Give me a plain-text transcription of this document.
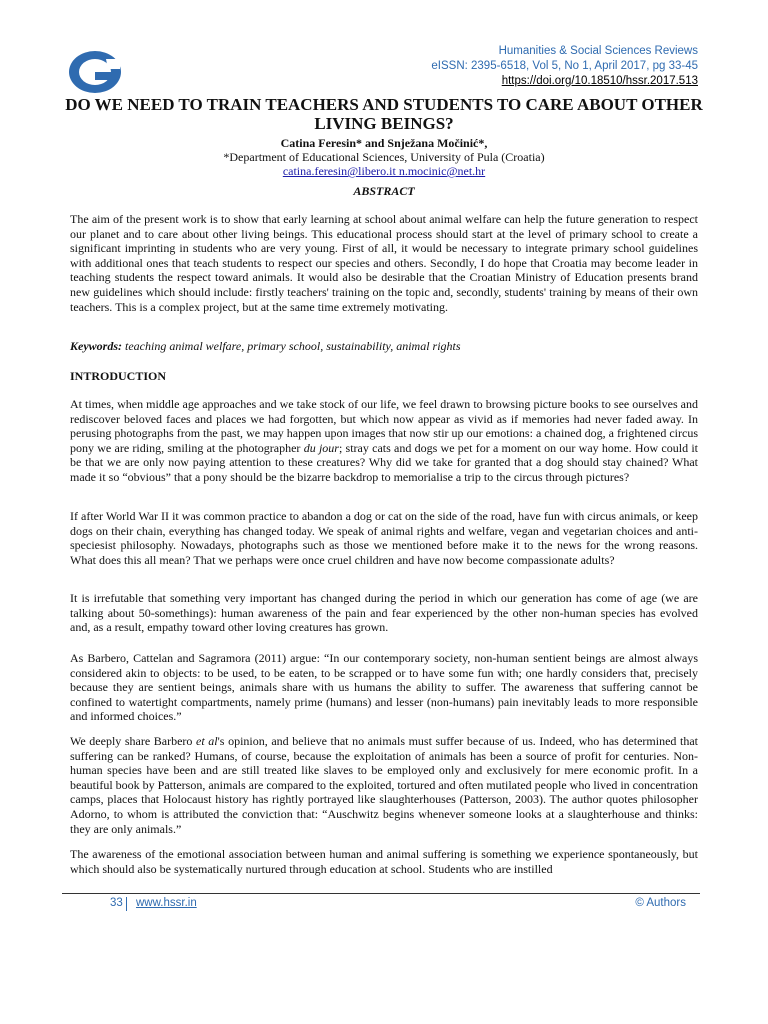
Humanities & Social Sciences Reviews
eISSN: 2395-6518, Vol 5, No 1, April 2017, pg 33-45
https://doi.org/10.18510/hssr.2017.513
DO WE NEED TO TRAIN TEACHERS AND STUDENTS TO CARE ABOUT OTHER LIVING BEINGS?
Catina Feresin* and Snježana Močinić*,
*Department of Educational Sciences, University of Pula (Croatia)
catina.feresin@libero.it n.mocinic@net.hr
ABSTRACT

The aim of the present work is to show that early learning at school about animal welfare can help the future generation to respect our planet and to care about other living beings. This educational process should start at the level of primary school to create a significant imprinting in students who are very young. First of all, it would be necessary to integrate primary school guidelines with additional ones that teach students to respect our species and others. Secondly, I do hope that Croatia may become leader in teaching students the respect toward animals. It would also be desirable that the Croatian Ministry of Education presents brand new guidelines which should include: firstly teachers' training on the topic and, secondly, students' training by means of their own teachers. This is a complex project, but at the same time extremely motivating.

Keywords: teaching animal welfare, primary school, sustainability, animal rights

INTRODUCTION

At times, when middle age approaches and we take stock of our life, we feel drawn to browsing picture books to see ourselves and rediscover beloved faces and places we had forgotten, but which now appear as vivid as if memories had never faded away. In perusing photographs from the past, we may happen upon images that now stir up our emotions: a chained dog, a frightened circus pony we are riding, smiling at the photographer du jour; stray cats and dogs we pet for a moment on our way home. How could it be that we are only now paying attention to these creatures? Why did we take for granted that a dog should stay chained? What made it so “obvious” that a pony should be the bizarre backdrop to memorialise a trip to the circus through pictures?

If after World War II it was common practice to abandon a dog or cat on the side of the road, have fun with circus animals, or keep dogs on their chain, everything has changed today. We speak of animal rights and welfare, vegan and vegetarian choices and anti-speciesist philosophy. Nowadays, photographs such as those we mentioned before make it to the news for the wrong reasons. What does this all mean? That we perhaps were once cruel children and have now become compassionate adults?

It is irrefutable that something very important has changed during the period in which our generation has come of age (we are talking about 50-somethings): human awareness of the pain and fear experienced by the other non-human species has evolved and, as a result, empathy toward other loving creatures has grown.

As Barbero, Cattelan and Sagramora (2011) argue: “In our contemporary society, non-human sentient beings are almost always considered akin to objects: to be used, to be eaten, to be scrapped or to have some fun with; one hardly considers that, precisely because they are sentient beings, animals share with us humans the ability to suffer. The awareness that suffering cannot be confined to watertight compartments, namely prime (humans) and lesser (non-humans) pain inevitably leads to more responsible and informed choices.”

We deeply share Barbero et al's opinion, and believe that no animals must suffer because of us. Indeed, who has determined that suffering can be ranked? Humans, of course, because the exploitation of animals has been a source of profit for centuries. Non-human species have been and are still treated like slaves to be employed only and exclusively for mere economic profit. In a beautiful book by Patterson, animals are compared to the exploited, tortured and often mutilated people who lived in concentration camps, places that Holocaust history has rightly portrayed like slaughterhouses (Patterson, 2003). The author quotes philosopher Adorno, to whom is attributed the conviction that: “Auschwitz begins whenever someone looks at a slaughterhouse and thinks: they are only animals.”

The awareness of the emotional association between human and animal suffering is something we experience spontaneously, but which should also be systematically nurtured through education at school. Students who are instilled

33 www.hssr.in	© Authors
